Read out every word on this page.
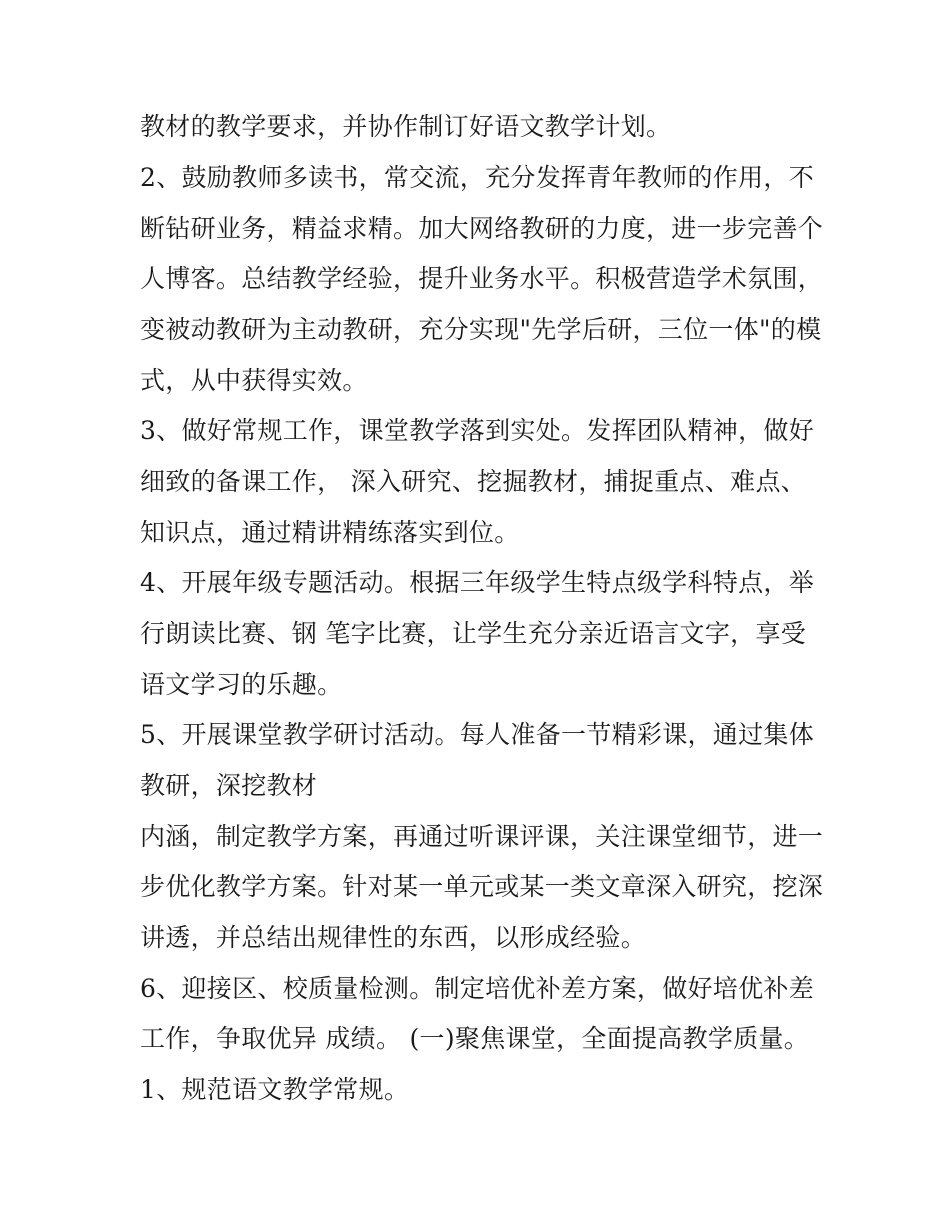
教材的教学要求，并协作制订好语文教学计划。
2、鼓励教师多读书，常交流，充分发挥青年教师的作用，不
断钻研业务，精益求精。加大网络教研的力度，进一步完善个
人博客。总结教学经验，提升业务水平。积极营造学术氛围，
变被动教研为主动教研，充分实现"先学后研，三位一体"的模
式，从中获得实效。
3、做好常规工作，课堂教学落到实处。发挥团队精神，做好
细致的备课工作， 深入研究、挖掘教材，捕捉重点、难点、
知识点，通过精讲精练落实到位。
4、开展年级专题活动。根据三年级学生特点级学科特点，举
行朗读比赛、钢 笔字比赛，让学生充分亲近语言文字，享受
语文学习的乐趣。
5、开展课堂教学研讨活动。每人准备一节精彩课，通过集体
教研，深挖教材
内涵，制定教学方案，再通过听课评课，关注课堂细节，进一
步优化教学方案。针对某一单元或某一类文章深入研究，挖深
讲透，并总结出规律性的东西，以形成经验。
6、迎接区、校质量检测。制定培优补差方案，做好培优补差
工作，争取优异 成绩。 (一)聚焦课堂，全面提高教学质量。
1、规范语文教学常规。
